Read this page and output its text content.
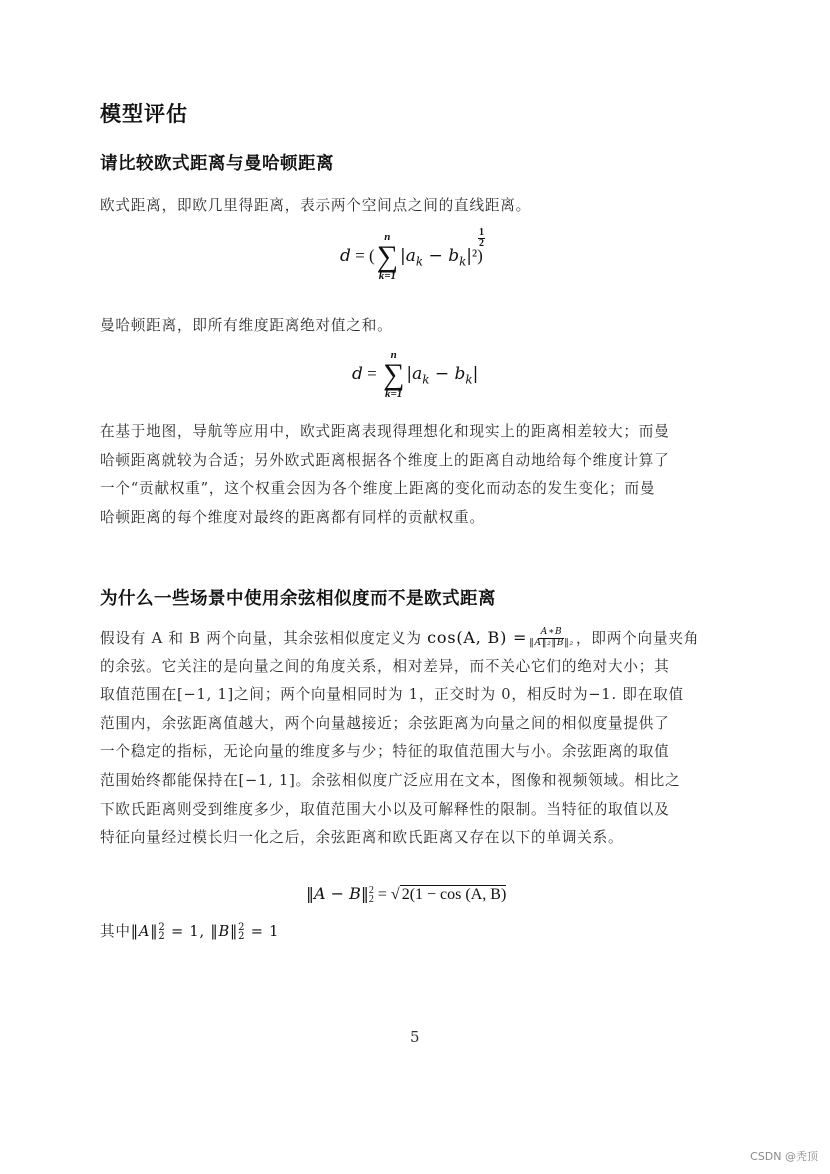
模型评估
请比较欧式距离与曼哈顿距离
欧式距离，即欧几里得距离，表示两个空间点之间的直线距离。
d = (
n
∑
k=1
$|a_k - b_k|^2$)
1
2
曼哈顿距离，即所有维度距离绝对值之和。
d =
n
∑
k=1
$|a_k - b_k|$
在基于地图，导航等应用中，欧式距离表现得理想化和现实上的距离相差较大；而曼
哈顿距离就较为合适；另外欧式距离根据各个维度上的距离自动地给每个维度计算了
一个“贡献权重”，这个权重会因为各个维度上距离的变化而动态的发生变化；而曼
哈顿距离的每个维度对最终的距离都有同样的贡献权重。
为什么一些场景中使用余弦相似度而不是欧式距离
假设有 A 和 B 两个向量，其余弦相似度定义为 cos(A, $B) = \frac{A∗B}{\text{‖A‖₂‖B‖₂}}$ ，即两个向量夹角
的余弦。它关注的是向量之间的角度关系，相对差异，而不关心它们的绝对大小；其
取值范围在[−1, 1]之间；两个向量相同时为 1，正交时为 0，相反时为−1. 即在取值
范围内，余弦距离值越大，两个向量越接近；余弦距离为向量之间的相似度量提供了
一个稳定的指标，无论向量的维度多与少；特征的取值范围大与小。余弦距离的取值
范围始终都能保持在[−1, 1]。余弦相似度广泛应用在文本，图像和视频领域。相比之
下欧氏距离则受到维度多少，取值范围大小以及可解释性的限制。当特征的取值以及
特征向量经过模长归一化之后，余弦距离和欧氏距离又存在以下的单调关系。
‖A − B‖ 2
2 = √ 2(1 − cos (A, B)
其中‖A‖ 2
2 = 1, ‖B‖ 2
2 = 1
5
CSDN @秃顶
